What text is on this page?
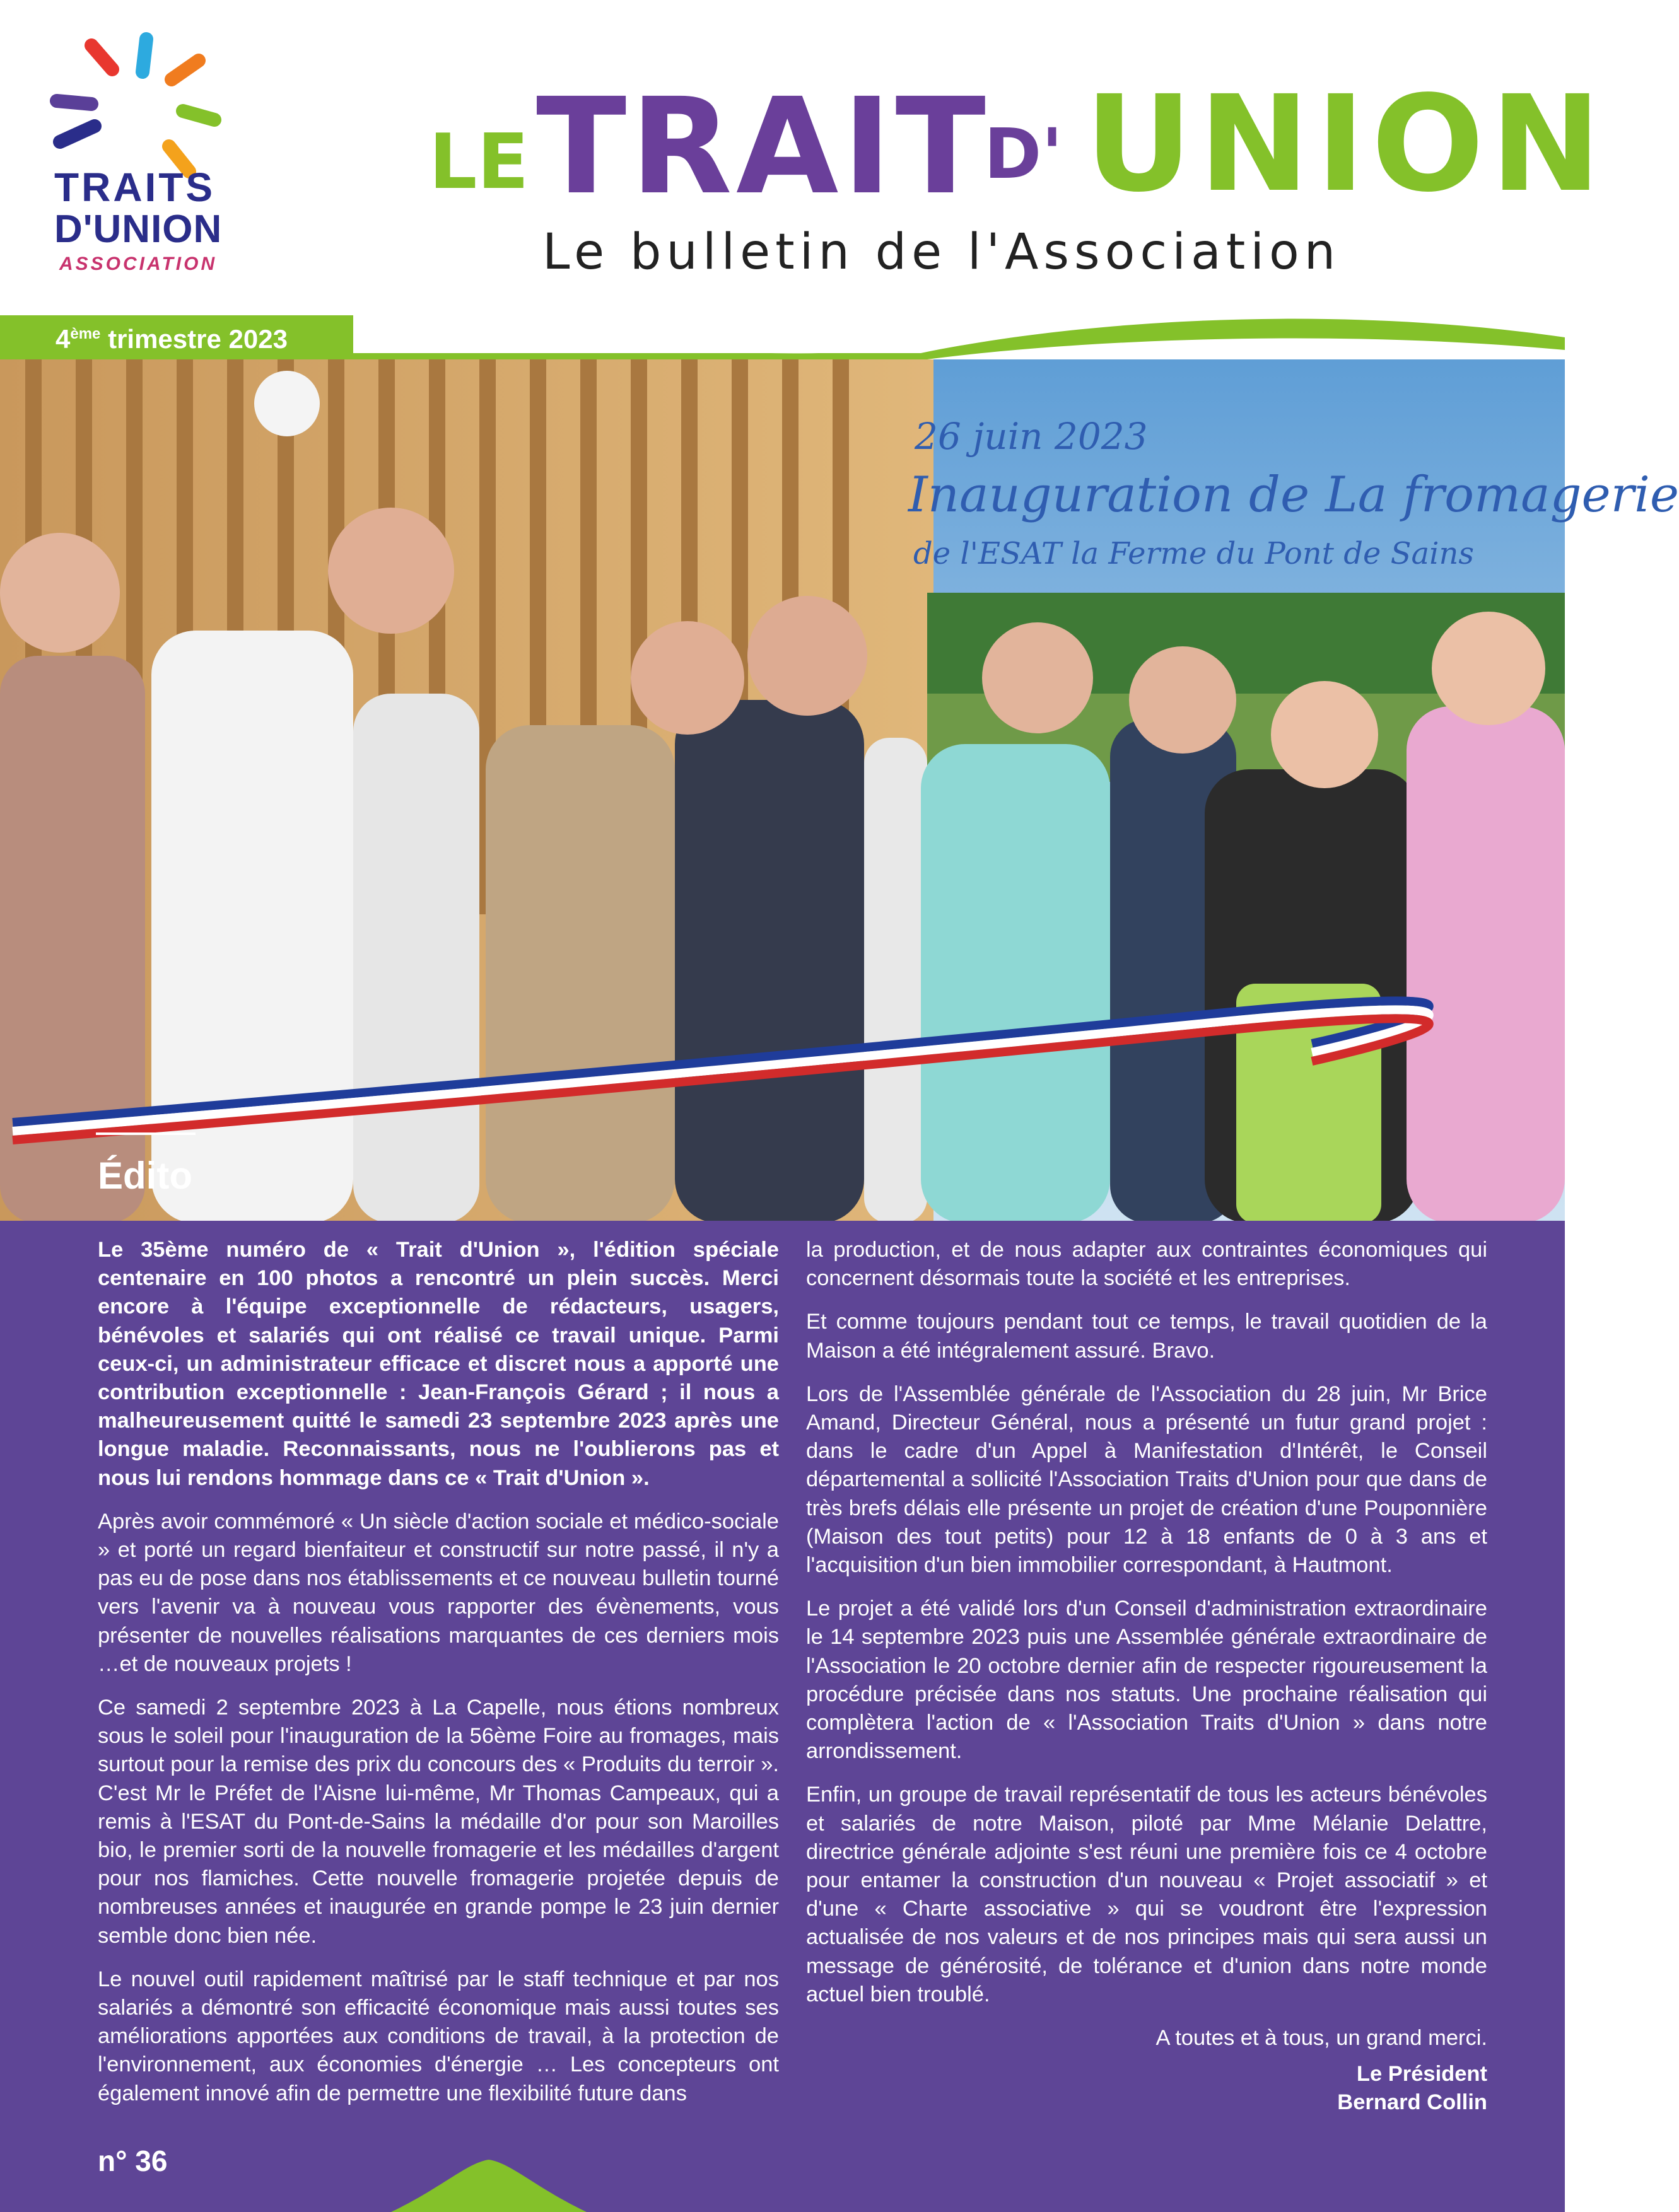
TRAITS
D'UNION
ASSOCIATION
LE TRAIT
D' UNION
Le bulletin de l'Association
4ème trimestre 2023
26 juin 2023
Inauguration de La fromagerie
de l'ESAT la Ferme du Pont de Sains
Édito

Le 35ème numéro de « Trait d'Union », l'édition spéciale centenaire en 100 photos a rencontré un plein succès. Merci encore à l'équipe exceptionnelle de rédacteurs, usagers, bénévoles et salariés qui ont réalisé ce travail unique. Parmi ceux-ci, un administrateur efficace et discret nous a apporté une contribution exceptionnelle : Jean-François Gérard ; il nous a malheureusement quitté le samedi 23 septembre 2023 après une longue maladie. Reconnaissants, nous ne l'oublierons pas et nous lui rendons hommage dans ce « Trait d'Union ».

Après avoir commémoré « Un siècle d'action sociale et médico-sociale » et porté un regard bienfaiteur et constructif sur notre passé, il n'y a pas eu de pose dans nos établissements et ce nouveau bulletin tourné vers l'avenir va à nouveau vous rapporter des évènements, vous présenter de nouvelles réalisations marquantes de ces derniers mois …et de nouveaux projets !

Ce samedi 2 septembre 2023 à La Capelle, nous étions nombreux sous le soleil pour l'inauguration de la 56ème Foire au fromages, mais surtout pour la remise des prix du concours des « Produits du terroir ». C'est Mr le Préfet de l'Aisne lui-même, Mr Thomas Campeaux, qui a remis à l'ESAT du Pont-de-Sains la médaille d'or pour son Maroilles bio, le premier sorti de la nouvelle fromagerie et les médailles d'argent pour nos flamiches. Cette nouvelle fromagerie projetée depuis de nombreuses années et inaugurée en grande pompe le 23 juin dernier semble donc bien née.

Le nouvel outil rapidement maîtrisé par le staff technique et par nos salariés a démontré son efficacité économique mais aussi toutes ses améliorations apportées aux conditions de travail, à la protection de l'environnement, aux économies d'énergie … Les concepteurs ont également innové afin de permettre une flexibilité future dans

la production, et de nous adapter aux contraintes économiques qui concernent désormais toute la société et les entreprises.

Et comme toujours pendant tout ce temps, le travail quotidien de la Maison a été intégralement assuré. Bravo.

Lors de l'Assemblée générale de l'Association du 28 juin, Mr Brice Amand, Directeur Général, nous a présenté un futur grand projet : dans le cadre d'un Appel à Manifestation d'Intérêt, le Conseil départemental a sollicité l'Association Traits d'Union pour que dans de très brefs délais elle présente un projet de création d'une Pouponnière (Maison des tout petits) pour 12 à 18 enfants de 0 à 3 ans et l'acquisition d'un bien immobilier correspondant, à Hautmont.

Le projet a été validé lors d'un Conseil d'administration extraordinaire le 14 septembre 2023 puis une Assemblée générale extraordinaire de l'Association le 20 octobre dernier afin de respecter rigoureusement la procédure précisée dans nos statuts. Une prochaine réalisation qui complètera l'action de « l'Association Traits d'Union » dans notre arrondissement.

Enfin, un groupe de travail représentatif de tous les acteurs bénévoles et salariés de notre Maison, piloté par Mme Mélanie Delattre, directrice générale adjointe s'est réuni une première fois ce 4 octobre pour entamer la construction d'un nouveau « Projet associatif » et d'une « Charte associative » qui se voudront être l'expression actualisée de nos valeurs et de nos principes mais qui sera aussi un message de générosité, de tolérance et d'union dans notre monde actuel bien troublé.

A toutes et à tous, un grand merci.

Le Président

Bernard Collin

n° 36
